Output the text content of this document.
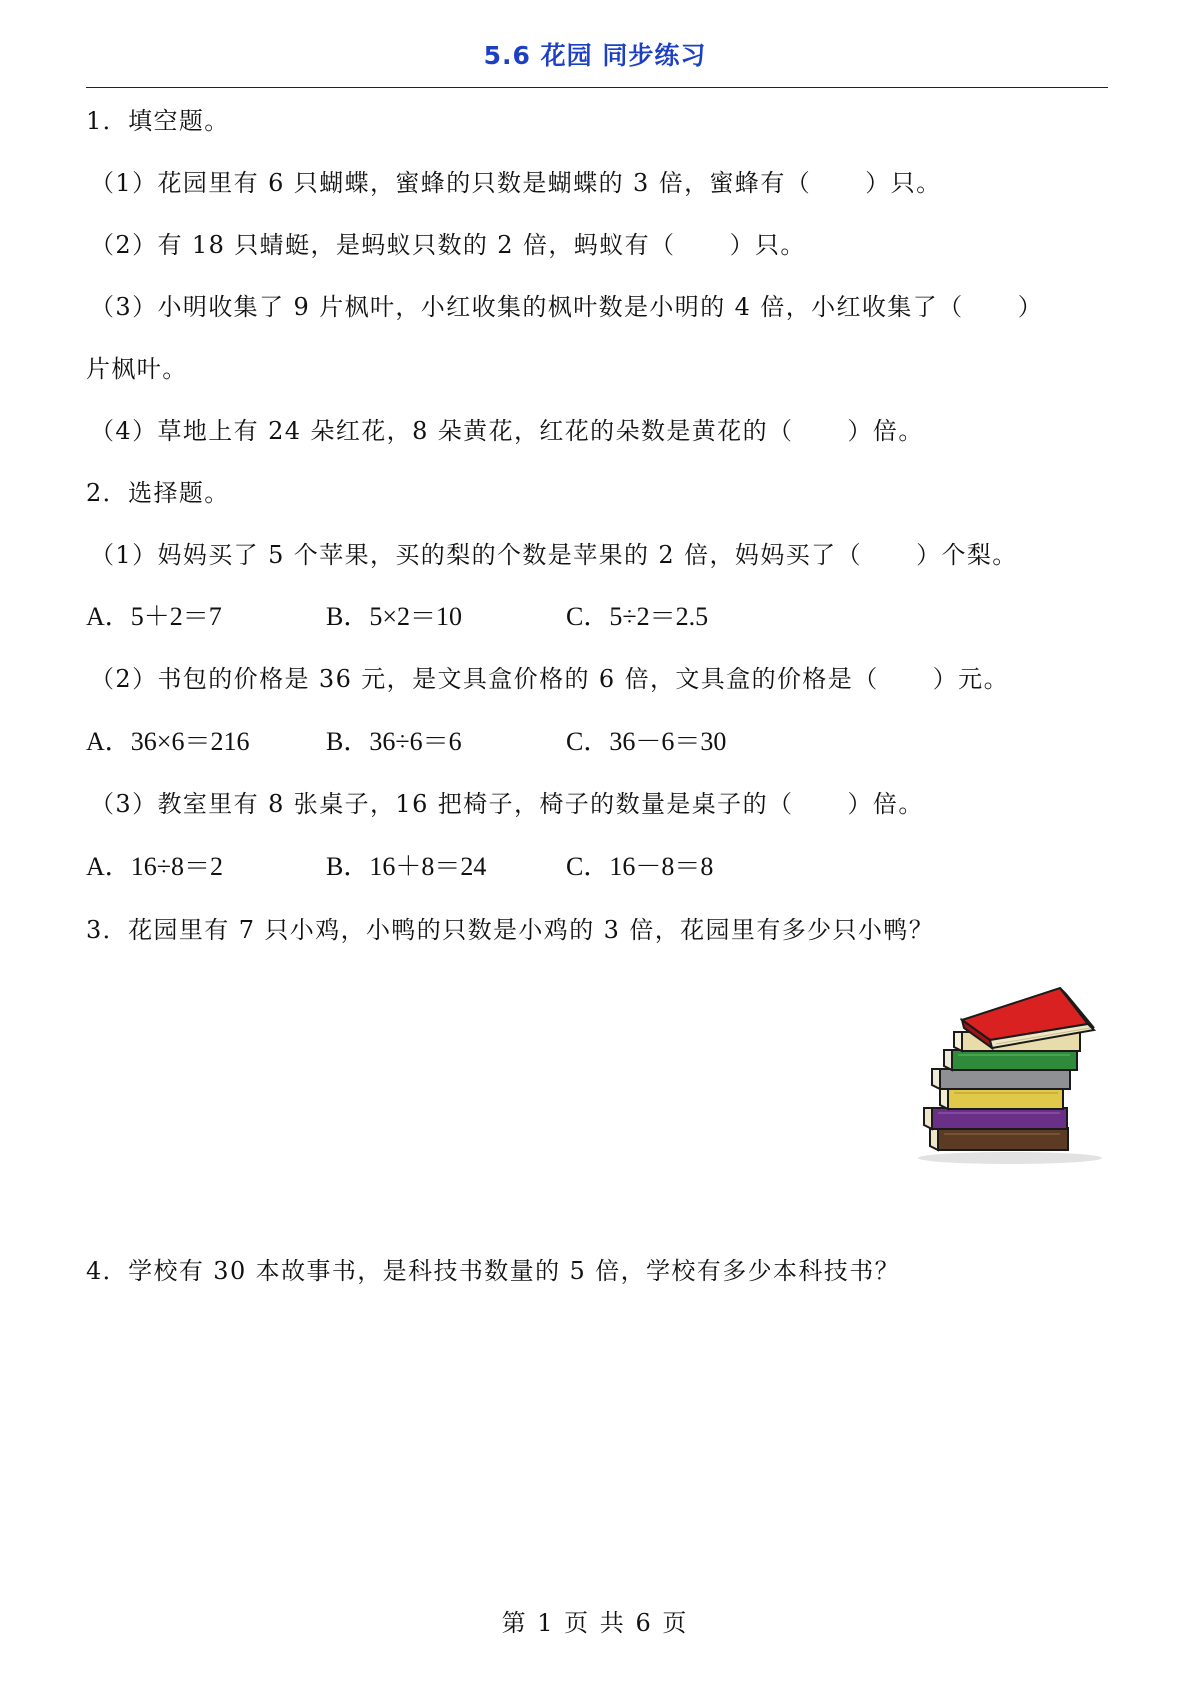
5.6 花园 同步练习
1．填空题。
（1）花园里有 6 只蝴蝶，蜜蜂的只数是蝴蝶的 3 倍，蜜蜂有（      ）只。
（2）有 18 只蜻蜓，是蚂蚁只数的 2 倍，蚂蚁有（      ）只。
（3）小明收集了 9 片枫叶，小红收集的枫叶数是小明的 4 倍，小红收集了（      ）
片枫叶。
（4）草地上有 24 朵红花，8 朵黄花，红花的朵数是黄花的（      ）倍。
2．选择题。
（1）妈妈买了 5 个苹果，买的梨的个数是苹果的 2 倍，妈妈买了（      ）个梨。
A．5＋2＝7	B．5×2＝10	C．5÷2＝2.5
（2）书包的价格是 36 元，是文具盒价格的 6 倍，文具盒的价格是（      ）元。
A．36×6＝216	B．36÷6＝6	C．36－6＝30
（3）教室里有 8 张桌子，16 把椅子，椅子的数量是桌子的（      ）倍。
A．16÷8＝2	B．16＋8＝24	C．16－8＝8
3．花园里有 7 只小鸡，小鸭的只数是小鸡的 3 倍，花园里有多少只小鸭？
4．学校有 30 本故事书，是科技书数量的 5 倍，学校有多少本科技书？
第 1 页 共 6 页
